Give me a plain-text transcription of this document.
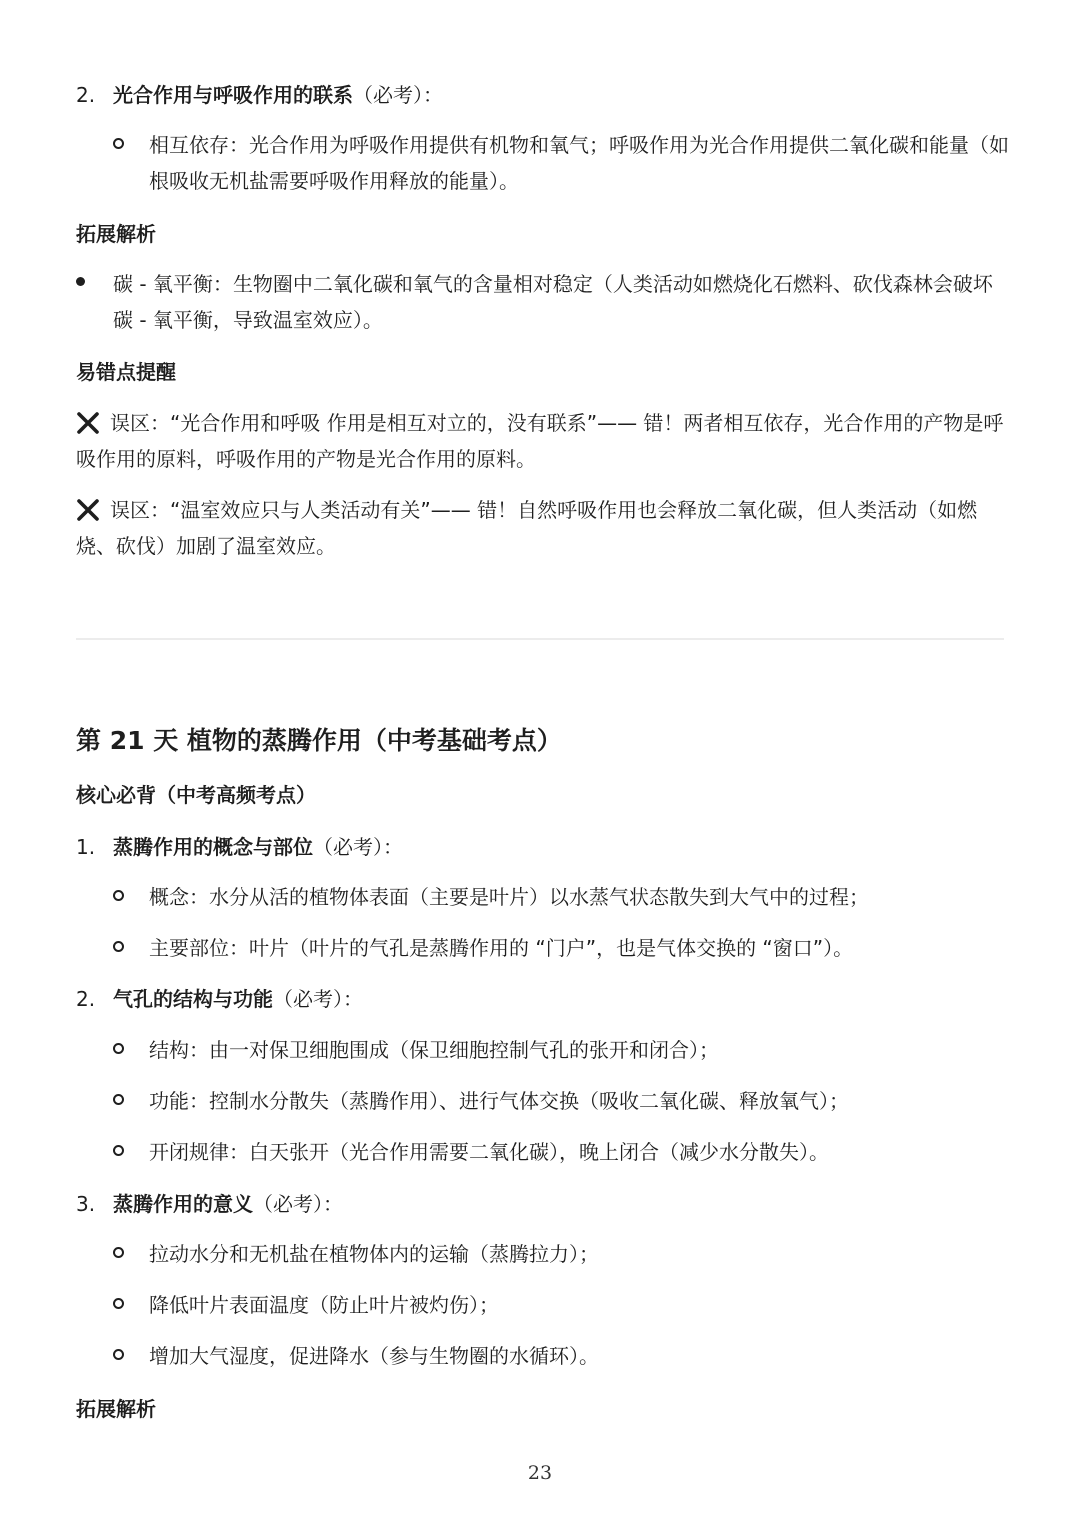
2. 光合作用与呼吸作用的联系（必考）：

相互依存：光合作用为呼吸作用提供有机物和氧气；呼吸作用为光合作用提供二氧化碳和能量（如根吸收无机盐需要呼吸作用释放的能量）。

拓展解析

碳 - 氧平衡：生物圈中二氧化碳和氧气的含量相对稳定（人类活动如燃烧化石燃料、砍伐森林会破坏碳 - 氧平衡，导致温室效应）。

易错点提醒

误区：“光合作用和呼吸 作用是相互对立的，没有联系”—— 错！两者相互依存，光合作用的产物是呼吸作用的原料，呼吸作用的产物是光合作用的原料。

误区：“温室效应只与人类活动有关”—— 错！自然呼吸作用也会释放二氧化碳，但人类活动（如燃烧、砍伐）加剧了温室效应。

第 21 天 植物的蒸腾作用（中考基础考点）

核心必背（中考高频考点）

1. 蒸腾作用的概念与部位（必考）：

概念：水分从活的植物体表面（主要是叶片）以水蒸气状态散失到大气中的过程；

主要部位：叶片（叶片的气孔是蒸腾作用的 “门户”，也是气体交换的 “窗口”）。

2. 气孔的结构与功能（必考）：

结构：由一对保卫细胞围成（保卫细胞控制气孔的张开和闭合）；

功能：控制水分散失（蒸腾作用）、进行气体交换（吸收二氧化碳、释放氧气）；

开闭规律：白天张开（光合作用需要二氧化碳），晚上闭合（减少水分散失）。

3. 蒸腾作用的意义（必考）：

拉动水分和无机盐在植物体内的运输（蒸腾拉力）；

降低叶片表面温度（防止叶片被灼伤）；

增加大气湿度，促进降水（参与生物圈的水循环）。

拓展解析

23
